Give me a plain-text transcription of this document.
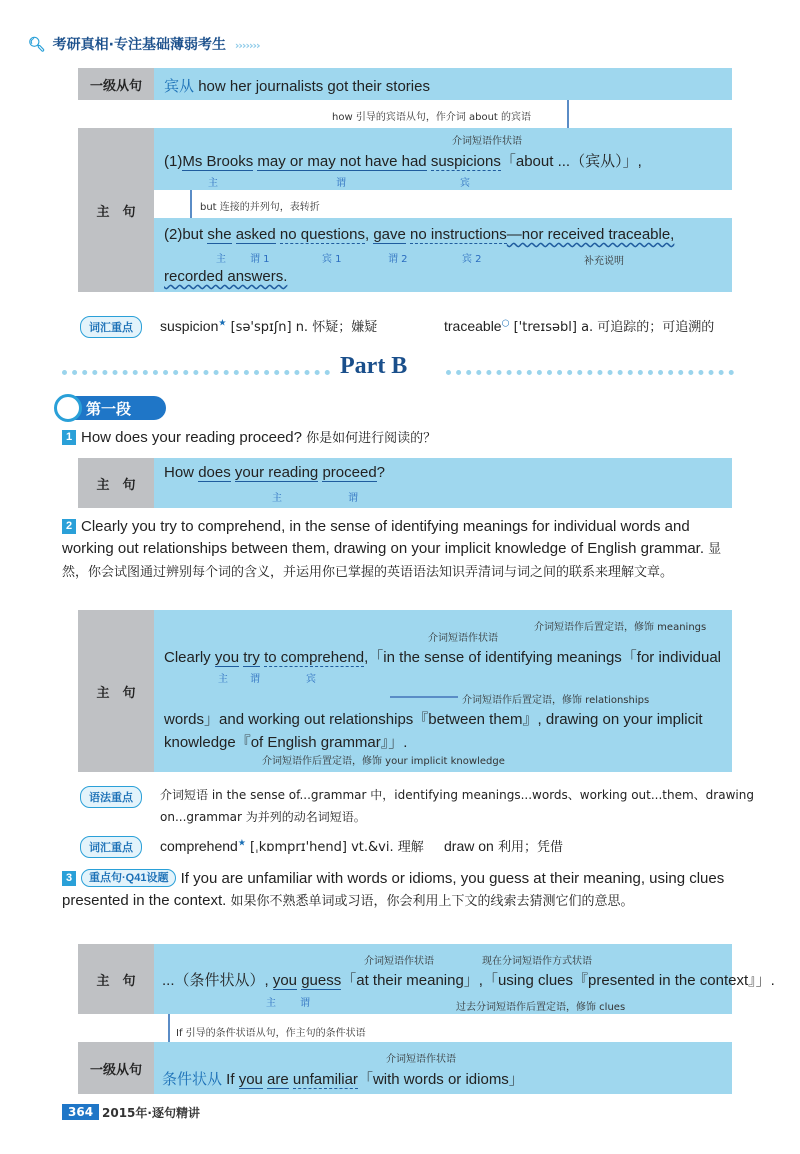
🔍︎ 考研真相·专注基础薄弱考生 ›››››››
一级从句	宾从 how her journalists got their stories
how 引导的宾语从句，作介词 about 的宾语
主　句
介词短语作状语
(1)Ms Brooks may or may not have had suspicions「about ...（宾从）」,
主	谓	宾
but 连接的并列句，表转折
(2)but she asked no questions, gave no instructions—nor received traceable,
主 谓 1	宾 1	谓 2	宾 2	补充说明
recorded answers.
词汇重点	suspicion★ [sə'spɪʃn] n. 怀疑；嫌疑	traceable○ ['treɪsəbl] a. 可追踪的；可追溯的
Part B
第一段
1 How does your reading proceed? 你是如何进行阅读的？
主　句
How does your reading proceed?
主	谓
2 Clearly you try to comprehend, in the sense of identifying meanings for individual words and working out relationships between them, drawing on your implicit knowledge of English grammar. 显然，你会试图通过辨别每个词的含义，并运用你已掌握的英语语法知识弄清词与词之间的联系来理解文章。
主　句
介词短语作后置定语，修饰 meanings
介词短语作状语
Clearly you try to comprehend,「in the sense of identifying meanings「for individual
主 谓	宾
介词短语作后置定语，修饰 relationships
words」and working out relationships『between them』, drawing on your implicit
knowledge『of English grammar』」.
介词短语作后置定语，修饰 your implicit knowledge
语法重点	介词短语 in the sense of...grammar 中，identifying meanings...words、working out...them、drawing
on...grammar 为并列的动名词短语。
词汇重点	comprehend★ [ˌkɒmprɪ'hend] vt.&vi. 理解 draw on 利用；凭借
3 重点句·Q41设题 If you are unfamiliar with words or idioms, you guess at their meaning, using clues presented in the context. 如果你不熟悉单词或习语，你会利用上下文的线索去猜测它们的意思。
主　句
介词短语作状语	现在分词短语作方式状语
...（条件状从）, you guess「at their meaning」,「using clues『presented in the context』」.
主 谓	过去分词短语作后置定语，修饰 clues
If 引导的条件状语从句，作主句的条件状语
一级从句
介词短语作状语
条件状从 If you are unfamiliar「with words or idioms」
364 2015年·逐句精讲
